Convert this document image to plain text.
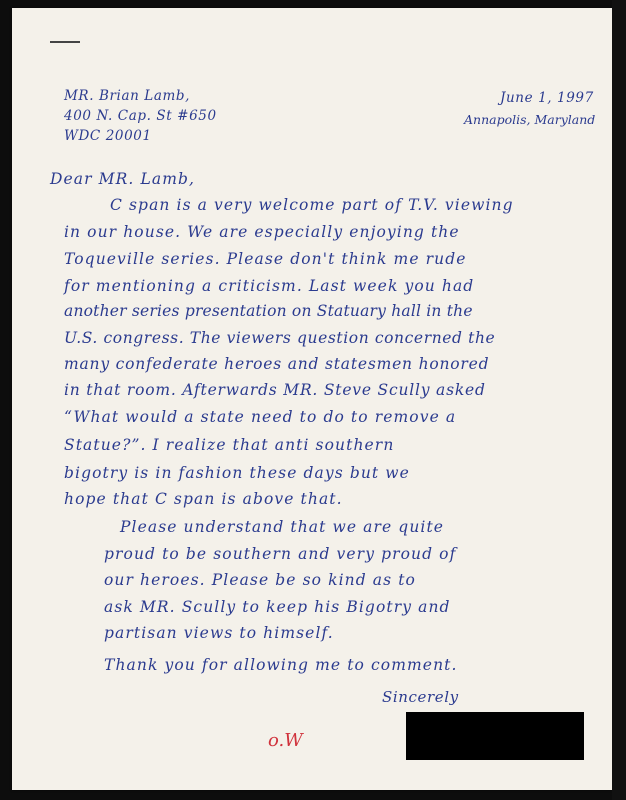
MR. Brian Lamb,
400 N. Cap. St #650
WDC 20001
June 1, 1997
Annapolis, Maryland
Dear MR. Lamb,
C span is a very welcome part of T.V. viewing
in our house. We are especially enjoying the
Toqueville series. Please don't think me rude
for mentioning a criticism. Last week you had
another series presentation on Statuary hall in the
U.S. congress. The viewers question concerned the
many confederate heroes and statesmen honored
in that room. Afterwards MR. Steve Scully asked
“What would a state need to do to remove a
Statue?”. I realize that anti southern
bigotry is in fashion these days but we
hope that C span is above that.
Please understand that we are quite
proud to be southern and very proud of
our heroes. Please be so kind as to
ask MR. Scully to keep his Bigotry and
partisan views to himself.
Thank you for allowing me to comment.
Sincerely
o.W
